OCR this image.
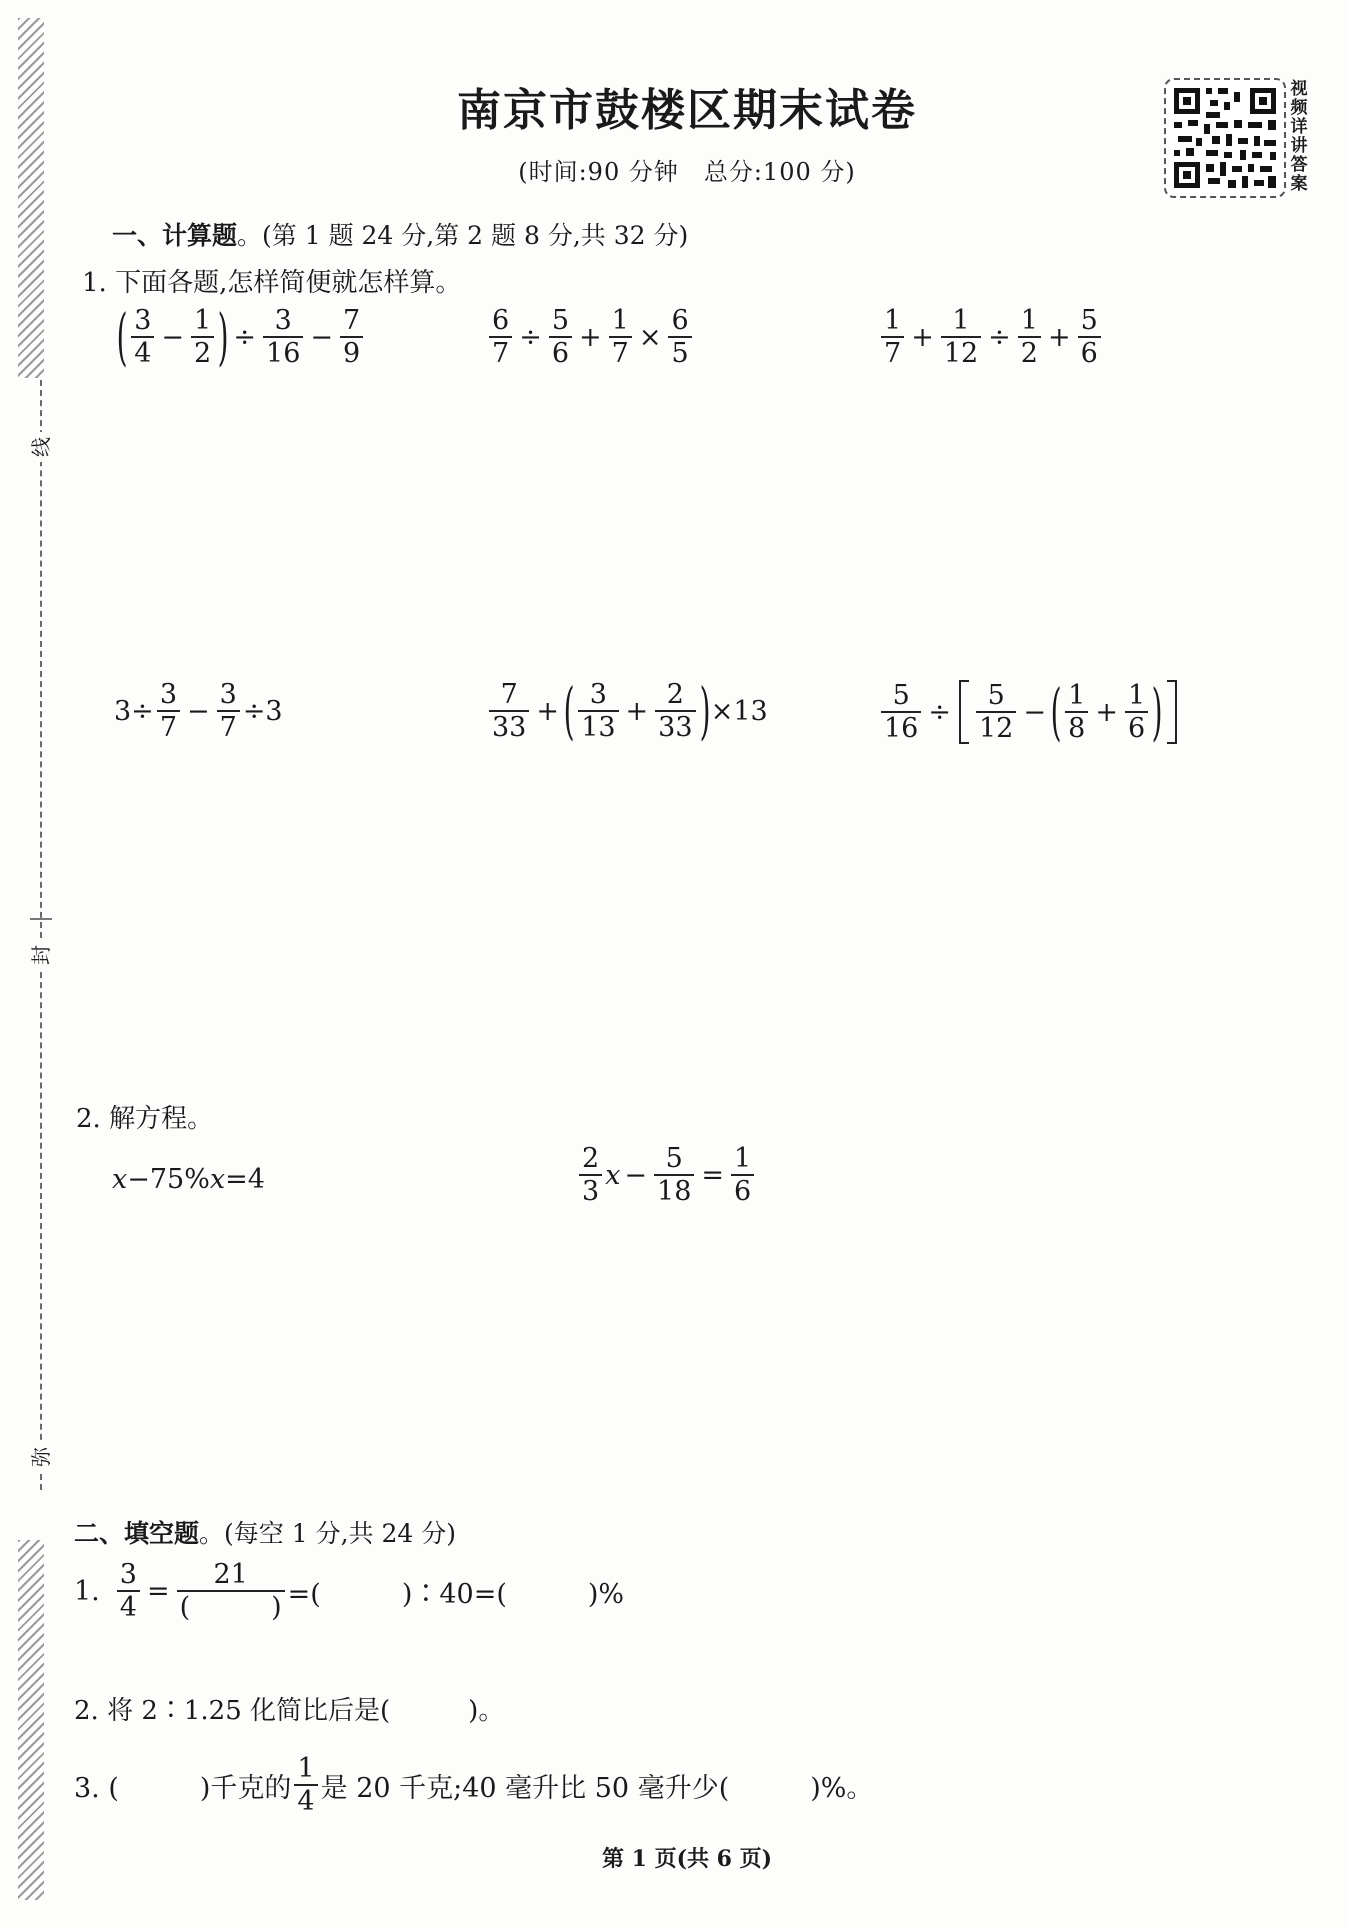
线
封
弥
南京市鼓楼区期末试卷
(时间:90 分钟　总分:100 分)
视频详讲答案
一、计算题。(第 1 题 24 分,第 2 题 8 分,共 32 分)
1. 下面各题,怎样简便就怎样算。
( $\frac{3}{4} - \frac{1}{2}$ ) ÷ $\frac{3}{16} - \frac{7}{9}$	$\frac{6}{7} \div \frac{5}{6} + \frac{1}{7} \times \frac{6}{5}$	$\frac{1}{7} + \frac{1}{12} \div \frac{1}{2} + \frac{5}{6}$
$3\div \frac{3}{7} - \frac{3}{7} \div 3$	$\frac{7}{33}$ + ( $\frac{3}{13} + \frac{2}{33}$ ) ×13	$\frac{5}{16} \div \frac{5}{12}$ − ( $\frac{1}{8} + \frac{1}{6}$ )
2. 解方程。
x −75% x =4	$\frac{2}{3}$ $x - \frac{5}{18} = \frac{1}{6}$
二、填空题。(每空 1 分,共 24 分)
1. $\frac{3}{4} = \frac{21}{( )}$ =(　　　)∶40=(　　　)%
2. 将 2∶1.25 化简比后是(　　　)。
3. (　　　)千克的 $\frac{1}{4}$ 是 20 千克;40 毫升比 50 毫升少(　　　)%。
第 1 页(共 6 页)
